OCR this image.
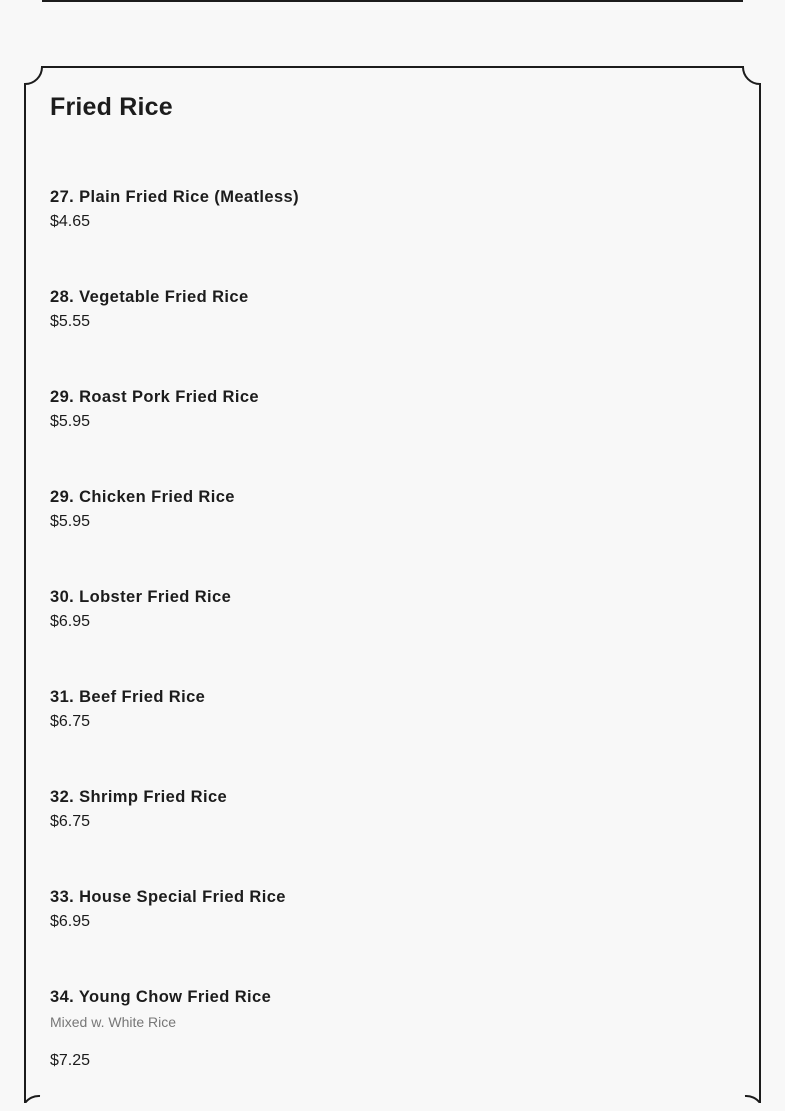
Fried Rice
27. Plain Fried Rice (Meatless)
$4.65
28. Vegetable Fried Rice
$5.55
29. Roast Pork Fried Rice
$5.95
29. Chicken Fried Rice
$5.95
30. Lobster Fried Rice
$6.95
31. Beef Fried Rice
$6.75
32. Shrimp Fried Rice
$6.75
33. House Special Fried Rice
$6.95
34. Young Chow Fried Rice
Mixed w. White Rice
$7.25
